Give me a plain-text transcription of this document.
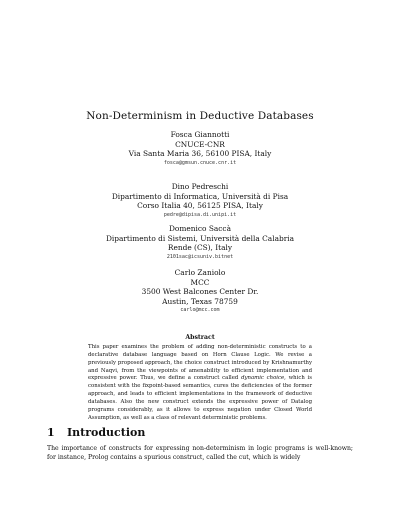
Non-Determinism in Deductive Databases
Fosca Giannotti
CNUCE-CNR
Via Santa Maria 36, 56100 PISA, Italy
fosca@gmsun.cnuce.cnr.it
Dino Pedreschi
Dipartimento di Informatica, Università di Pisa
Corso Italia 40, 56125 PISA, Italy
pedre@dipisa.di.unipi.it
Domenico Saccà
Dipartimento di Sistemi, Università della Calabria
Rende (CS), Italy
2101sac@icsuniv.bitnet
Carlo Zaniolo
MCC
3500 West Balcones Center Dr.
Austin, Texas 78759
carlo@mcc.com
Abstract
This paper examines the problem of adding non-deterministic constructs to a declarative database language based on Horn Clause Logic. We revise a previously proposed approach, the choice construct introduced by Krishnamurthy and Naqvi, from the viewpoints of amenability to efficient implementation and expressive power. Thus, we define a construct called dynamic choice, which is consistent with the fixpoint-based semantics, cures the deficiencies of the former approach, and leads to efficient implementations in the framework of deductive databases. Also the new construct extends the expressive power of Datalog programs considerably, as it allows to express negation under Closed World Assumption, as well as a class of relevant deterministic problems.
1 Introduction
The importance of constructs for expressing non-determinism in logic programs is well-known; for instance, Prolog contains a spurious construct, called the cut, which is widely
